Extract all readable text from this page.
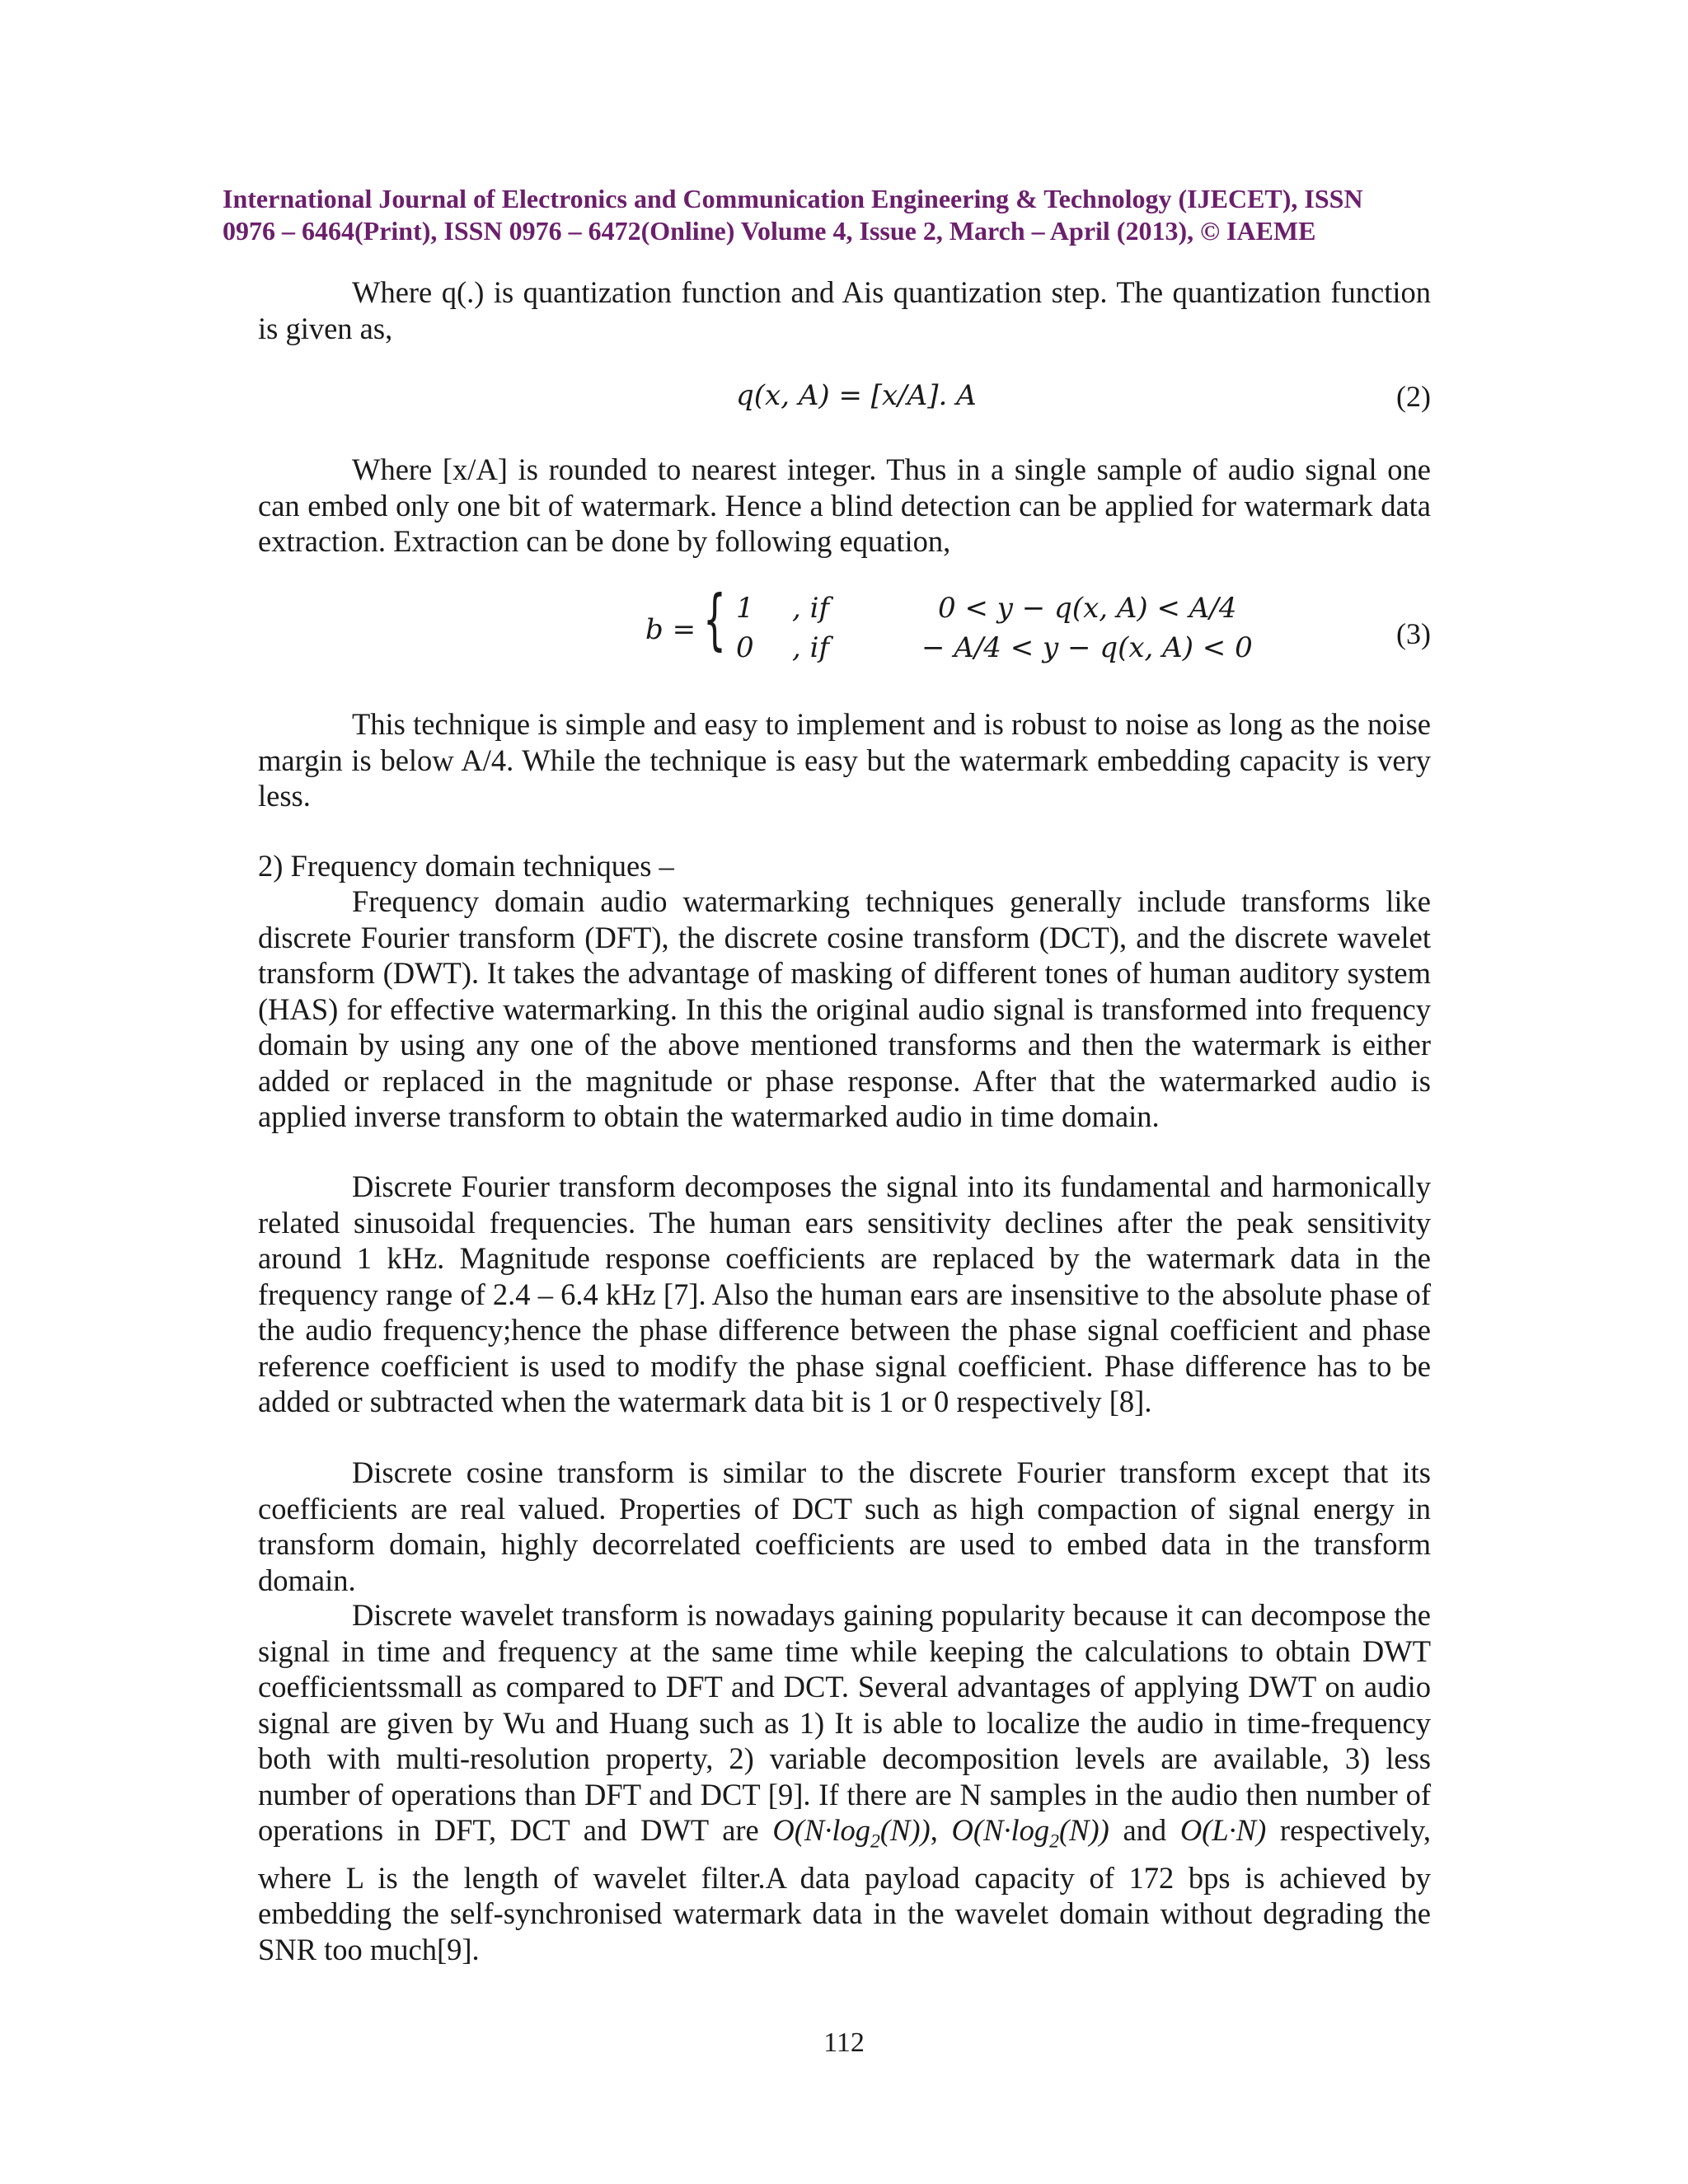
International Journal of Electronics and Communication Engineering & Technology (IJECET), ISSN
0976 – 6464(Print), ISSN 0976 – 6472(Online) Volume 4, Issue 2, March – April (2013), © IAEME
Where q(.) is quantization function and Ais quantization step. The quantization function is given as,
q(x, A) = [x/A]. A	(2)
Where [x/A] is rounded to nearest integer. Thus in a single sample of audio signal one can embed only one bit of watermark. Hence a blind detection can be applied for watermark data extraction. Extraction can be done by following equation,
b = {

1

, if

	0 < y − q(x, A) < A/4

0

, if

	− A/4 < y − q(x, A) < 0

	(3)
This technique is simple and easy to implement and is robust to noise as long as the noise margin is below A/4. While the technique is easy but the watermark embedding capacity is very less.
2) Frequency domain techniques –
Frequency domain audio watermarking techniques generally include transforms like discrete Fourier transform (DFT), the discrete cosine transform (DCT), and the discrete wavelet transform (DWT). It takes the advantage of masking of different tones of human auditory system (HAS) for effective watermarking. In this the original audio signal is transformed into frequency domain by using any one of the above mentioned transforms and then the watermark is either added or replaced in the magnitude or phase response. After that the watermarked audio is applied inverse transform to obtain the watermarked audio in time domain.
Discrete Fourier transform decomposes the signal into its fundamental and harmonically related sinusoidal frequencies. The human ears sensitivity declines after the peak sensitivity around 1 kHz. Magnitude response coefficients are replaced by the watermark data in the frequency range of 2.4 – 6.4 kHz [7]. Also the human ears are insensitive to the absolute phase of the audio frequency;hence the phase difference between the phase signal coefficient and phase reference coefficient is used to modify the phase signal coefficient. Phase difference has to be added or subtracted when the watermark data bit is 1 or 0 respectively [8].
Discrete cosine transform is similar to the discrete Fourier transform except that its coefficients are real valued. Properties of DCT such as high compaction of signal energy in transform domain, highly decorrelated coefficients are used to embed data in the transform domain.
Discrete wavelet transform is nowadays gaining popularity because it can decompose the signal in time and frequency at the same time while keeping the calculations to obtain DWT coefficientssmall as compared to DFT and DCT. Several advantages of applying DWT on audio signal are given by Wu and Huang such as 1) It is able to localize the audio in time-frequency both with multi-resolution property, 2) variable decomposition levels are available, 3) less number of operations than DFT and DCT [9]. If there are N samples in the audio then number of operations in DFT, DCT and DWT are $O(N\cdot\log_2(N))$, $O(N\cdot\log_2(N))$ and O(L·N) respectively, where L is the length of wavelet filter.A data payload capacity of 172 bps is achieved by embedding the self-synchronised watermark data in the wavelet domain without degrading the SNR too much[9].
112
